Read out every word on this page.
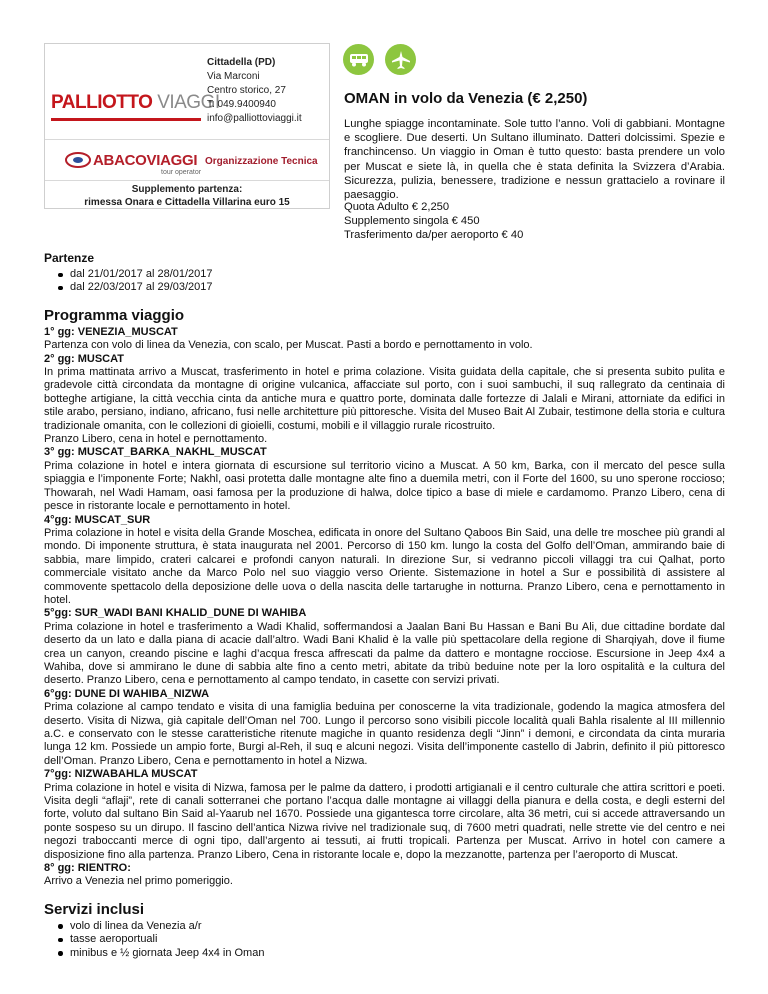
PALLIOTTO VIAGGI
Cittadella (PD)
Via Marconi
Centro storico, 27
T. 049.9400940
info@palliottoviaggi.it
ABACOVIAGGI
tour operator
Organizzazione Tecnica
Supplemento partenza:
rimessa Onara e Cittadella Villarina euro 15
OMAN in volo da Venezia (€ 2,250)
Lunghe spiagge incontaminate. Sole tutto l’anno. Voli di gabbiani. Montagne e scogliere. Due deserti. Un Sultano illuminato. Datteri dolcissimi. Spezie e franchincenso. Un viaggio in Oman è tutto questo: basta prendere un volo per Muscat e siete là, in quella che è stata definita la Svizzera d’Arabia. Sicurezza, pulizia, benessere, tradizione e nessun grattacielo a rovinare il paesaggio.
Quota Adulto € 2,250
Supplemento singola € 450
Trasferimento da/per aeroporto € 40
Partenze
dal 21/01/2017 al 28/01/2017
dal 22/03/2017 al 29/03/2017
Programma viaggio
1° gg: VENEZIA_MUSCAT
Partenza con volo di linea da Venezia, con scalo, per Muscat. Pasti a bordo e pernottamento in volo.
2° gg: MUSCAT
In prima mattinata arrivo a Muscat, trasferimento in hotel e prima colazione. Visita guidata della capitale, che si presenta subito pulita e gradevole città circondata da montagne di origine vulcanica, affacciate sul porto, con i suoi sambuchi, il suq rallegrato da centinaia di botteghe artigiane, la città vecchia cinta da antiche mura e quattro porte, dominata dalle fortezze di Jalali e Mirani, attorniate da edifici in stile arabo, persiano, indiano, africano, fusi nelle architetture più pittoresche. Visita del Museo Bait Al Zubair, testimone della storia e cultura tradizionale omanita, con le collezioni di gioielli, costumi, mobili e il villaggio rurale ricostruito.
Pranzo Libero, cena in hotel e pernottamento.
3° gg: MUSCAT_BARKA_NAKHL_MUSCAT
Prima colazione in hotel e intera giornata di escursione sul territorio vicino a Muscat. A 50 km, Barka, con il mercato del pesce sulla spiaggia e l’imponente Forte; Nakhl, oasi protetta dalle montagne alte fino a duemila metri, con il Forte del 1600, su uno sperone roccioso; Thowarah, nel Wadi Hamam, oasi famosa per la produzione di halwa, dolce tipico a base di miele e cardamomo. Pranzo Libero, cena di pesce in ristorante locale e pernottamento in hotel.
4°gg: MUSCAT_SUR
Prima colazione in hotel e visita della Grande Moschea, edificata in onore del Sultano Qaboos Bin Said, una delle tre moschee più grandi al mondo. Di imponente struttura, è stata inaugurata nel 2001. Percorso di 150 km. lungo la costa del Golfo dell’Oman, ammirando baie di sabbia, mare limpido, crateri calcarei e profondi canyon naturali. In direzione Sur, si vedranno piccoli villaggi tra cui Qalhat, porto commerciale visitato anche da Marco Polo nel suo viaggio verso Oriente. Sistemazione in hotel a Sur e possibilità di assistere al commovente spettacolo della deposizione delle uova o della nascita delle tartarughe in notturna. Pranzo Libero, cena e pernottamento in hotel.
5°gg: SUR_WADI BANI KHALID_DUNE DI WAHIBA
Prima colazione in hotel e trasferimento a Wadi Khalid, soffermandosi a Jaalan Bani Bu Hassan e Bani Bu Ali, due cittadine bordate dal deserto da un lato e dalla piana di acacie dall’altro. Wadi Bani Khalid è la valle più spettacolare della regione di Sharqiyah, dove il fiume crea un canyon, creando piscine e laghi d’acqua fresca affrescati da palme da dattero e montagne rocciose. Escursione in Jeep 4x4 a Wahiba, dove si ammirano le dune di sabbia alte fino a cento metri, abitate da tribù beduine note per la loro ospitalità e la cultura del deserto. Pranzo Libero, cena e pernottamento al campo tendato, in casette con servizi privati.
6°gg: DUNE DI WAHIBA_NIZWA
Prima colazione al campo tendato e visita di una famiglia beduina per conoscerne la vita tradizionale, godendo la magica atmosfera del deserto. Visita di Nizwa, già capitale dell’Oman nel 700. Lungo il percorso sono visibili piccole località quali Bahla risalente al III millennio a.C. e conservato con le stesse caratteristiche ritenute magiche in quanto residenza degli “Jinn” i demoni, e circondata da cinta muraria lunga 12 km. Possiede un ampio forte, Burgi al-Reh, il suq e alcuni negozi. Visita dell’imponente castello di Jabrin, definito il più pittoresco dell’Oman. Pranzo Libero, Cena e pernottamento in hotel a Nizwa.
7°gg: NIZWABAHLA MUSCAT
Prima colazione in hotel e visita di Nizwa, famosa per le palme da dattero, i prodotti artigianali e il centro culturale che attira scrittori e poeti. Visita degli “aflaji”, rete di canali sotterranei che portano l’acqua dalle montagne ai villaggi della pianura e della costa, e degli esterni del forte, voluto dal sultano Bin Said al-Yaarub nel 1670. Possiede una gigantesca torre circolare, alta 36 metri, cui si accede attraversando un ponte sospeso su un dirupo. Il fascino dell’antica Nizwa rivive nel tradizionale suq, di 7600 metri quadrati, nelle strette vie del centro e nei negozi traboccanti merce di ogni tipo, dall’argento ai tessuti, ai frutti tropicali. Partenza per Muscat. Arrivo in hotel con camere a disposizione fino alla partenza. Pranzo Libero, Cena in ristorante locale e, dopo la mezzanotte, partenza per l’aeroporto di Muscat.
8° gg: RIENTRO:
Arrivo a Venezia nel primo pomeriggio.
Servizi inclusi
volo di linea da Venezia a/r
tasse aeroportuali
minibus e ½ giornata Jeep 4x4 in Oman
